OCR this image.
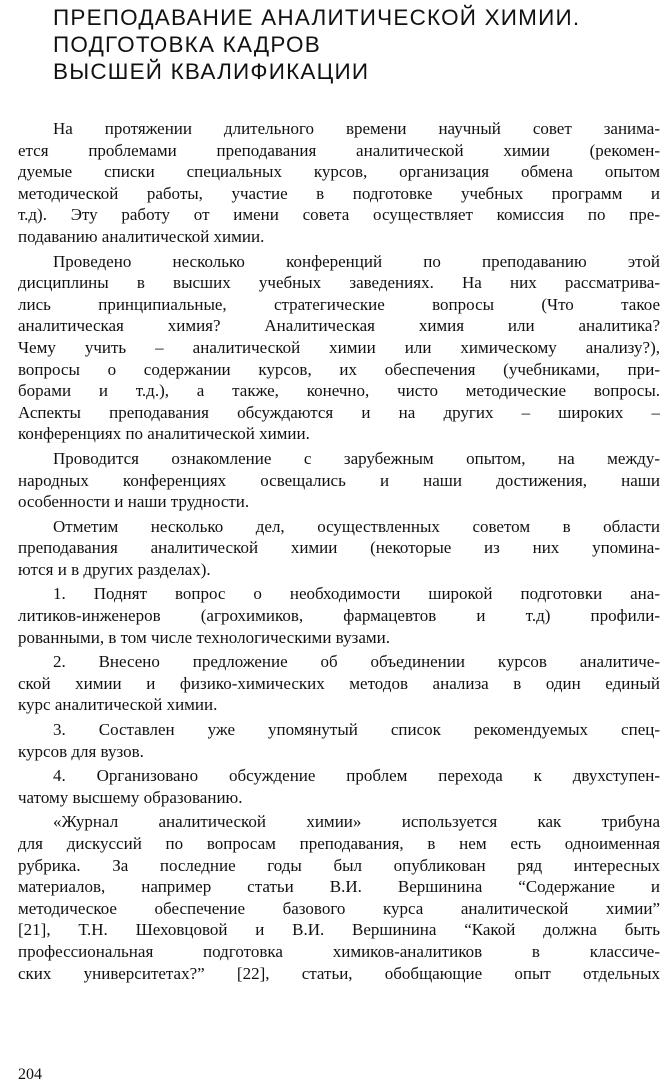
ПРЕПОДАВАНИЕ АНАЛИТИЧЕСКОЙ ХИМИИ.
ПОДГОТОВКА КАДРОВ
ВЫСШЕЙ КВАЛИФИКАЦИИ

На протяжении длительного времени научный совет занима-
ется проблемами преподавания аналитической химии (рекомен-
дуемые списки специальных курсов, организация обмена опытом
методической работы, участие в подготовке учебных программ и
т.д). Эту работу от имени совета осуществляет комиссия по пре-
подаванию аналитической химии.

Проведено несколько конференций по преподаванию этой
дисциплины в высших учебных заведениях. На них рассматрива-
лись принципиальные, стратегические вопросы (Что такое
аналитическая химия? Аналитическая химия или аналитика?
Чему учить – аналитической химии или химическому анализу?),
вопросы о содержании курсов, их обеспечения (учебниками, при-
борами и т.д.), а также, конечно, чисто методические вопросы.
Аспекты преподавания обсуждаются и на других – широких –
конференциях по аналитической химии.

Проводится ознакомление с зарубежным опытом, на между-
народных конференциях освещались и наши достижения, наши
особенности и наши трудности.

Отметим несколько дел, осуществленных советом в области
преподавания аналитической химии (некоторые из них упомина-
ются и в других разделах).

1. Поднят вопрос о необходимости широкой подготовки ана-
литиков-инженеров (агрохимиков, фармацевтов и т.д) профили-
рованными, в том числе технологическими вузами.

2. Внесено предложение об объединении курсов аналитиче-
ской химии и физико-химических методов анализа в один единый
курс аналитической химии.

3. Составлен уже упомянутый список рекомендуемых спец-
курсов для вузов.

4. Организовано обсуждение проблем перехода к двухступен-
чатому высшему образованию.

«Журнал аналитической химии» используется как трибуна
для дискуссий по вопросам преподавания, в нем есть одноименная
рубрика. За последние годы был опубликован ряд интересных
материалов, например статьи В.И. Вершинина “Содержание и
методическое обеспечение базового курса аналитической химии”
[21], Т.Н. Шеховцовой и В.И. Вершинина “Какой должна быть
профессиональная подготовка химиков-аналитиков в классиче-
ских университетах?” [22], статьи, обобщающие опыт отдельных

204
